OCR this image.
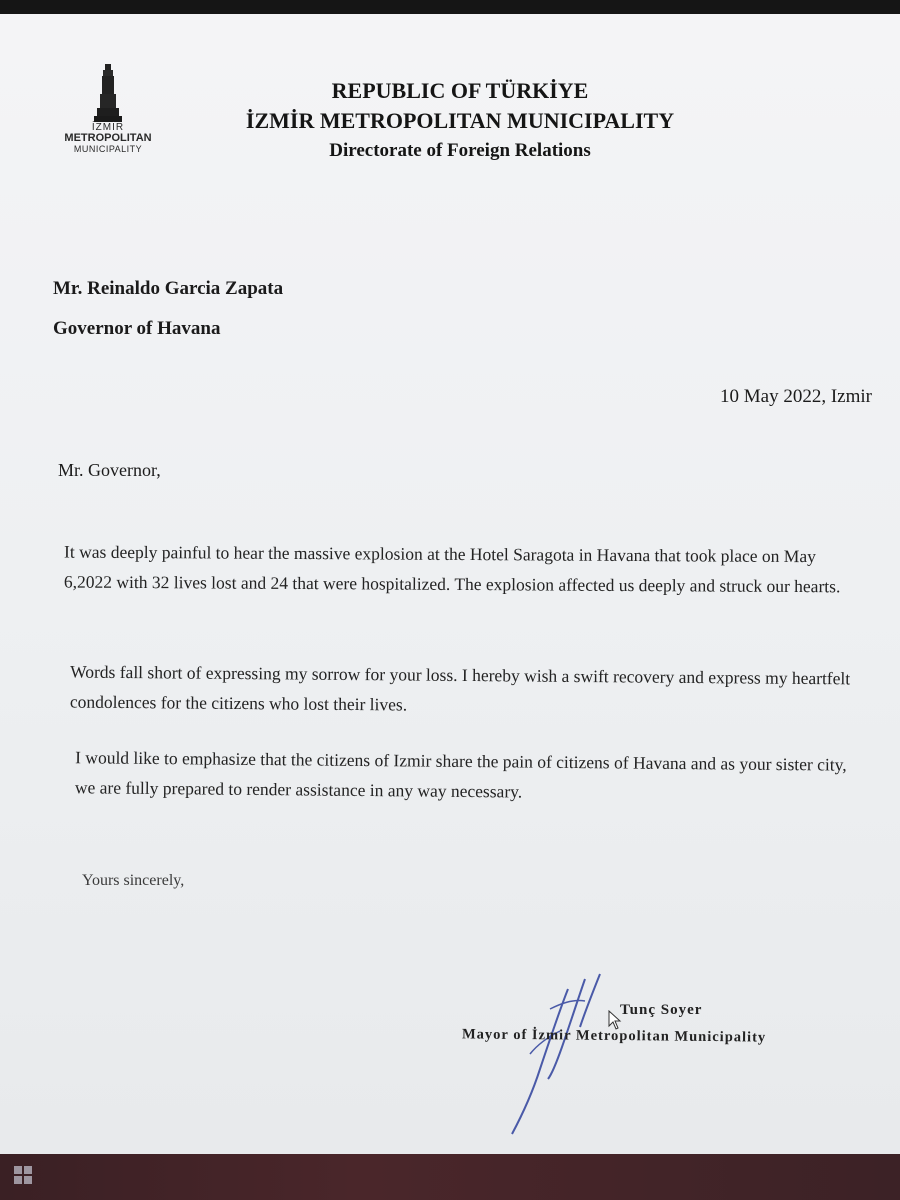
İZMİR
METROPOLITAN
MUNICIPALITY
REPUBLIC OF TÜRKİYE
İZMİR METROPOLITAN MUNICIPALITY
Directorate of Foreign Relations
Mr. Reinaldo Garcia Zapata
Governor of Havana
10 May 2022, Izmir
Mr. Governor,
It was deeply painful to hear the massive explosion at the Hotel Saragota in Havana that took place on May 6,2022 with 32 lives lost and 24 that were hospitalized. The explosion affected us deeply and struck our hearts.
Words fall short of expressing my sorrow for your loss. I hereby wish a swift recovery and express my heartfelt condolences for the citizens who lost their lives.
I would like to emphasize that the citizens of Izmir share the pain of citizens of Havana and as your sister city, we are fully prepared to render assistance in any way necessary.
Yours sincerely,
Tunç Soyer
Mayor of İzmir Metropolitan Municipality
